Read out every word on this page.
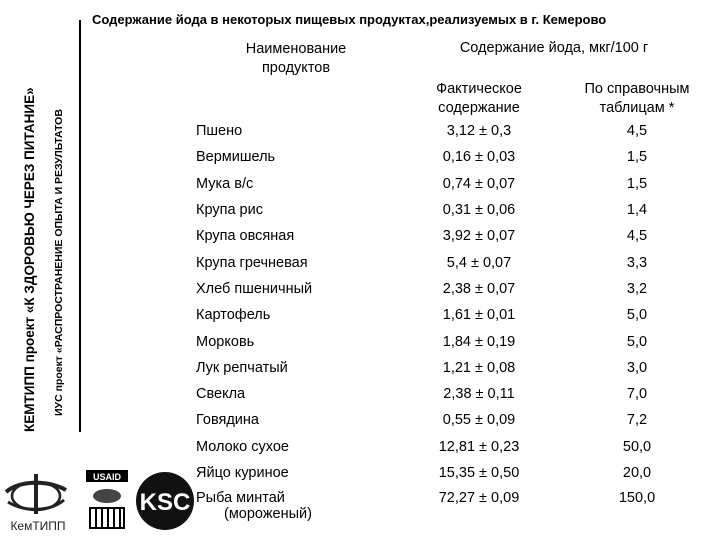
Содержание йода в некоторых пищевых продуктах,реализуемых в г. Кемерово
КЕМТИПП проект «К ЗДОРОВЬЮ ЧЕРЕЗ ПИТАНИЕ» ИУС проект «РАСПРОСТРАНЕНИЕ ОПЫТА И РЕЗУЛЬТАТОВ
Наименование продуктов	Содержание йода, мкг/100 г	

	Фактическое содержание	По справочным таблицам *

Пшено	3,12 ± 0,3	4,5
Вермишель	0,16 ± 0,03	1,5
Мука в/с	0,74 ± 0,07	1,5
Крупа рис	0,31 ± 0,06	1,4
Крупа овсяная	3,92 ± 0,07	4,5
Крупа гречневая	5,4 ± 0,07	3,3
Хлеб пшеничный	2,38 ± 0,07	3,2
Картофель	1,61 ± 0,01	5,0
Морковь	1,84 ± 0,19	5,0
Лук репчатый	1,21 ± 0,08	3,0
Свекла	2,38 ± 0,11	7,0
Говядина	0,55 ± 0,09	7,2
Молоко сухое	12,81 ± 0,23	50,0
Яйцо куриное	15,35 ± 0,50	20,0

Рыба минтай
(мороженый)	72,27 ± 0,09	150,0
КемТИПП
USAID
KSC
